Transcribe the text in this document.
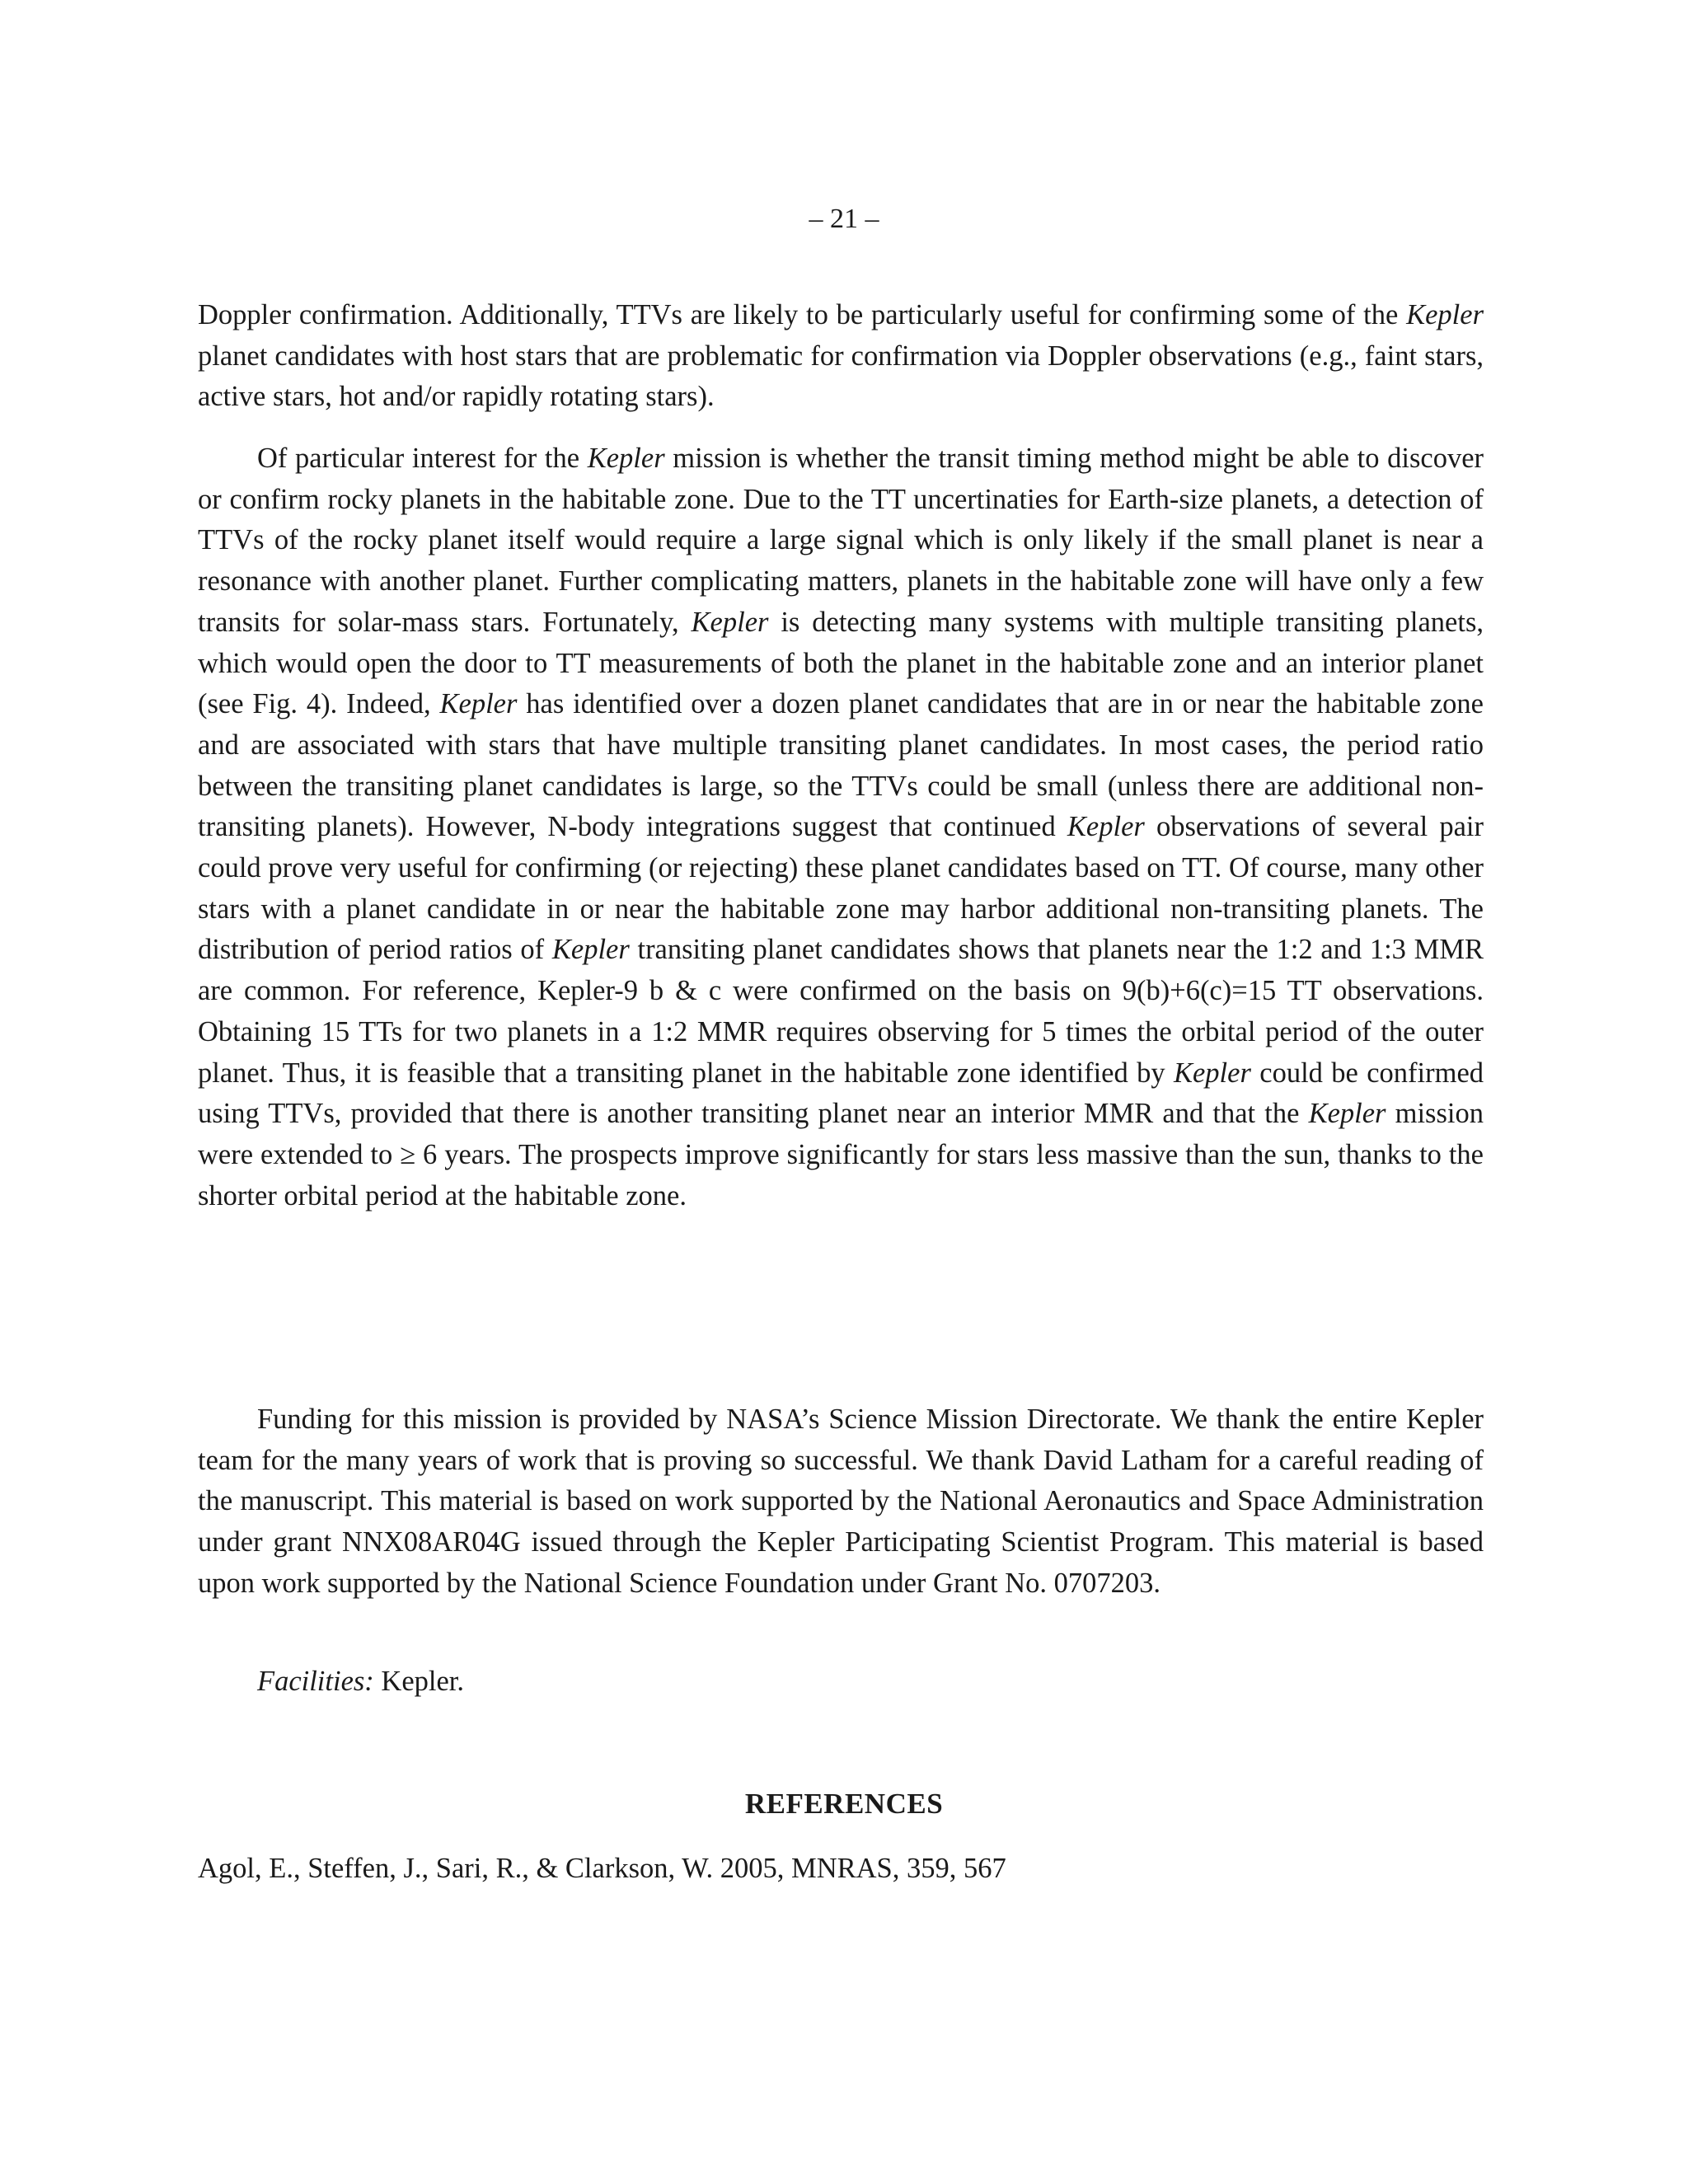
– 21 –

Doppler confirmation. Additionally, TTVs are likely to be particularly useful for confirming some of the Kepler planet candidates with host stars that are problematic for confirmation via Doppler observations (e.g., faint stars, active stars, hot and/or rapidly rotating stars).

Of particular interest for the Kepler mission is whether the transit timing method might be able to discover or confirm rocky planets in the habitable zone. Due to the TT uncertinaties for Earth-size planets, a detection of TTVs of the rocky planet itself would require a large signal which is only likely if the small planet is near a resonance with another planet. Further complicating matters, planets in the habitable zone will have only a few transits for solar-mass stars. Fortunately, Kepler is detecting many systems with multiple transiting planets, which would open the door to TT measurements of both the planet in the habitable zone and an interior planet (see Fig. 4). Indeed, Kepler has identified over a dozen planet candidates that are in or near the habitable zone and are associated with stars that have multiple transiting planet candidates. In most cases, the period ratio between the transiting planet candidates is large, so the TTVs could be small (unless there are additional non-transiting planets). However, N-body integrations suggest that continued Kepler observations of several pair could prove very useful for confirming (or rejecting) these planet candidates based on TT. Of course, many other stars with a planet candidate in or near the habitable zone may harbor additional non-transiting planets. The distribution of period ratios of Kepler transiting planet candidates shows that planets near the 1:2 and 1:3 MMR are common. For reference, Kepler-9 b & c were confirmed on the basis on 9(b)+6(c)=15 TT observations. Obtaining 15 TTs for two planets in a 1:2 MMR requires observing for 5 times the orbital period of the outer planet. Thus, it is feasible that a transiting planet in the habitable zone identified by Kepler could be confirmed using TTVs, provided that there is another transiting planet near an interior MMR and that the Kepler mission were extended to ≥ 6 years. The prospects improve significantly for stars less massive than the sun, thanks to the shorter orbital period at the habitable zone.

Funding for this mission is provided by NASA’s Science Mission Directorate. We thank the entire Kepler team for the many years of work that is proving so successful. We thank David Latham for a careful reading of the manuscript. This material is based on work supported by the National Aeronautics and Space Administration under grant NNX08AR04G issued through the Kepler Participating Scientist Program. This material is based upon work supported by the National Science Foundation under Grant No. 0707203.

Facilities: Kepler.

REFERENCES
Agol, E., Steffen, J., Sari, R., & Clarkson, W. 2005, MNRAS, 359, 567
